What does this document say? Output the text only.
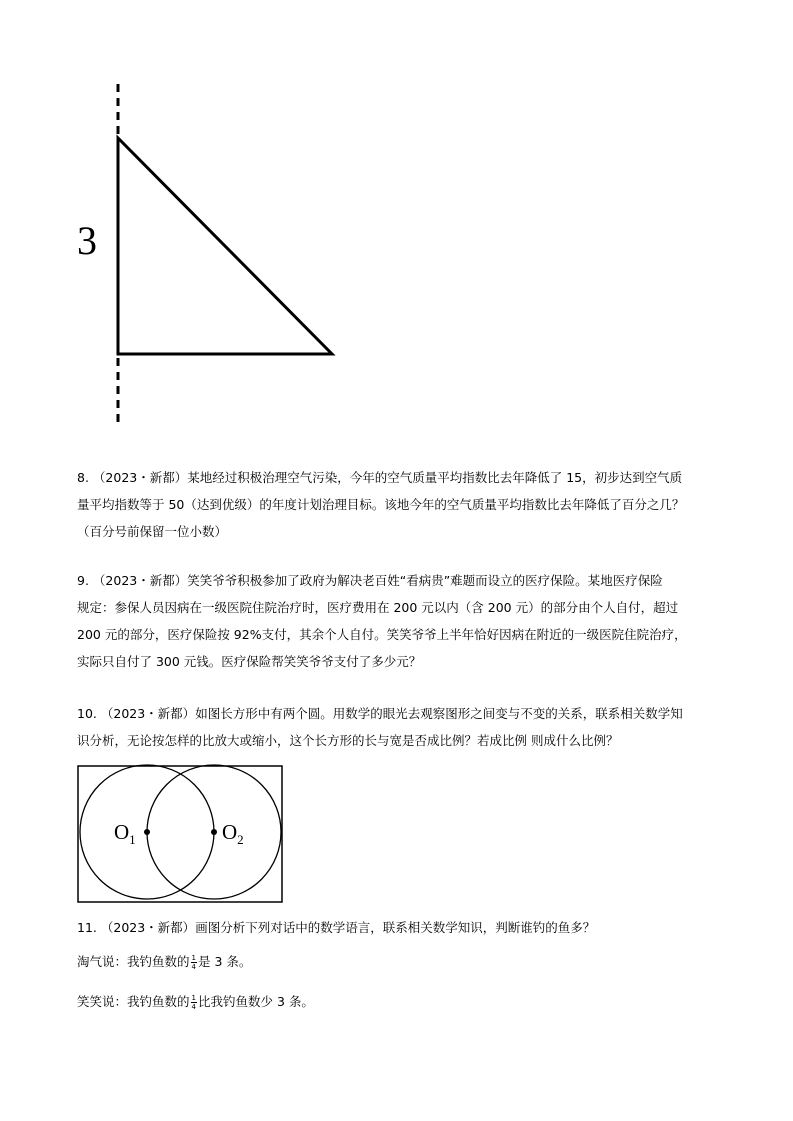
3
8. （2023・新都）某地经过积极治理空气污染，今年的空气质量平均指数比去年降低了 15，初步达到空气质
量平均指数等于 50（达到优级）的年度计划治理目标。该地今年的空气质量平均指数比去年降低了百分之几？
（百分号前保留一位小数）
9. （2023・新都）笑笑爷爷积极参加了政府为解决老百姓“看病贵”难题而设立的医疗保险。某地医疗保险
规定：参保人员因病在一级医院住院治疗时，医疗费用在 200 元以内（含 200 元）的部分由个人自付，超过
200 元的部分，医疗保险按 92%支付，其余个人自付。笑笑爷爷上半年恰好因病在附近的一级医院住院治疗，
实际只自付了 300 元钱。医疗保险帮笑笑爷爷支付了多少元？
10. （2023・新都）如图长方形中有两个圆。用数学的眼光去观察图形之间变与不变的关系，联系相关数学知
识分析，无论按怎样的比放大或缩小，这个长方形的长与宽是否成比例？若成比例 则成什么比例？
$O_1$	$O_2$
11. （2023・新都）画图分析下列对话中的数学语言，联系相关数学知识，判断谁钓的鱼多？
淘气说：我钓鱼数的 $\frac{1}{4}$ 是 3 条。
笑笑说：我钓鱼数的 $\frac{1}{4}$ 比我钓鱼数少 3 条。
